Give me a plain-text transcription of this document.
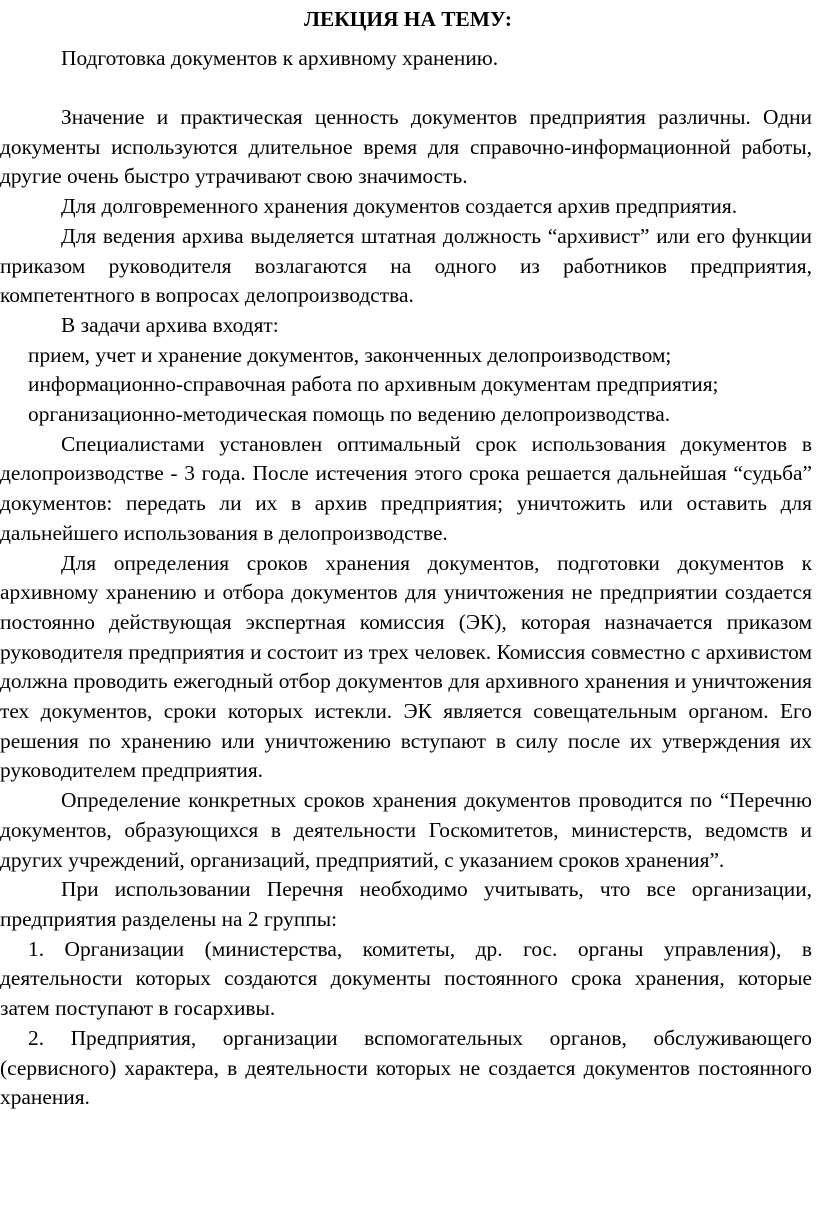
ЛЕКЦИЯ НА ТЕМУ:

Подготовка документов к архивному хранению.

Значение и практическая ценность документов предприятия различны. Одни документы используются длительное время для справочно-информационной работы, другие очень быстро утрачивают свою значимость.

Для долговременного хранения документов создается архив предприятия.

Для ведения архива выделяется штатная должность “архивист” или его функции приказом руководителя возлагаются на одного из работников предприятия, компетентного в вопросах делопроизводства.

В задачи архива входят:

прием, учет и хранение документов, законченных делопроизводством;

информационно-справочная работа по архивным документам предприятия;

организационно-методическая помощь по ведению делопроизводства.

Специалистами установлен оптимальный срок использования документов в делопроизводстве - 3 года. После истечения этого срока решается дальнейшая “судьба” документов: передать ли их в архив предприятия; уничтожить или оставить для дальнейшего использования в делопроизводстве.

Для определения сроков хранения документов, подготовки документов к архивному хранению и отбора документов для уничтожения не предприятии создается постоянно действующая экспертная комиссия (ЭК), которая назначается приказом руководителя предприятия и состоит из трех человек. Комиссия совместно с архивистом должна проводить ежегодный отбор документов для архивного хранения и уничтожения тех документов, сроки которых истекли. ЭК является совещательным органом. Его решения по хранению или уничтожению вступают в силу после их утверждения их руководителем предприятия.

Определение конкретных сроков хранения документов проводится по “Перечню документов, образующихся в деятельности Госкомитетов, министерств, ведомств и других учреждений, организаций, предприятий, с указанием сроков хранения”.

При использовании Перечня необходимо учитывать, что все организации, предприятия разделены на 2 группы:

1. Организации (министерства, комитеты, др. гос. органы управления), в деятельности которых создаются документы постоянного срока хранения, которые затем поступают в госархивы.

2. Предприятия, организации вспомогательных органов, обслуживающего (сервисного) характера, в деятельности которых не создается документов постоянного хранения.
